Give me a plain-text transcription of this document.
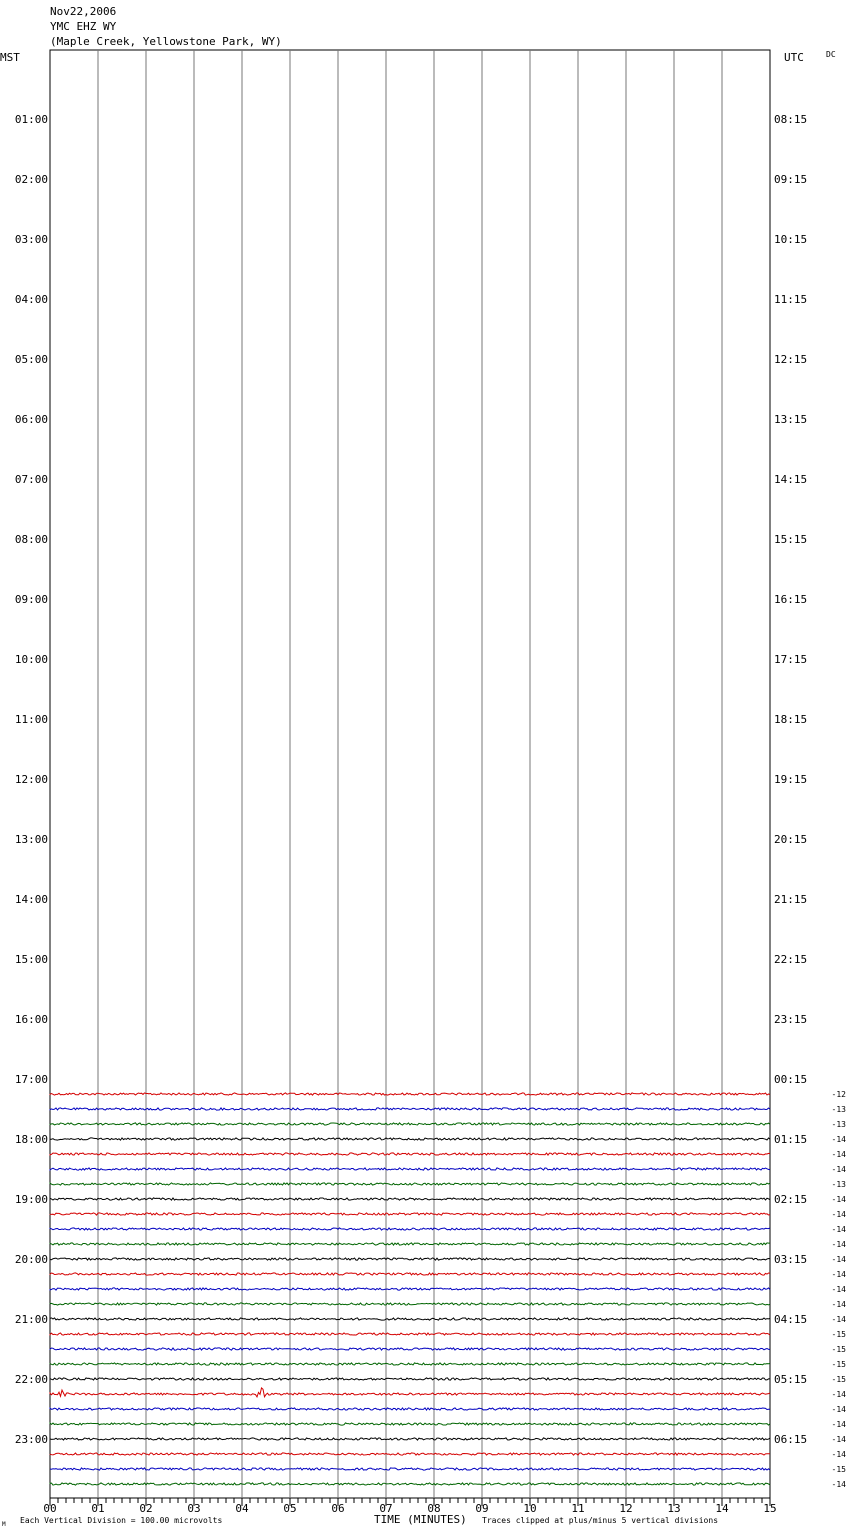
Nov22,2006
YMC EHZ WY
(Maple Creek, Yellowstone Park, WY)
00	01	02	03	04	05	06	07	08	09	10	11	12	13	14	15
01:00
02:00
03:00
04:00
05:00
06:00
07:00
08:00
09:00
10:00
11:00
12:00
13:00
14:00
15:00
16:00
17:00
18:00
19:00
20:00
21:00
22:00
23:00
08:15
09:15
10:15
11:15
12:15
13:15
14:15
15:15
16:15
17:15
18:15
19:15
20:15
21:15
22:15
23:15
00:15
01:15
02:15
03:15
04:15
05:15
06:15
-12
-13
-13
-14
-14
-14
-13
-14
-14
-14
-14
-14
-14
-14
-14
-14
-15
-15
-15
-15
-14
-14
-14
-14
-14
-15
-14
MST	UTC	DC
Each Vertical Division = 100.00 microvolts	TIME (MINUTES) Traces clipped at plus/minus 5 vertical divisions
M
